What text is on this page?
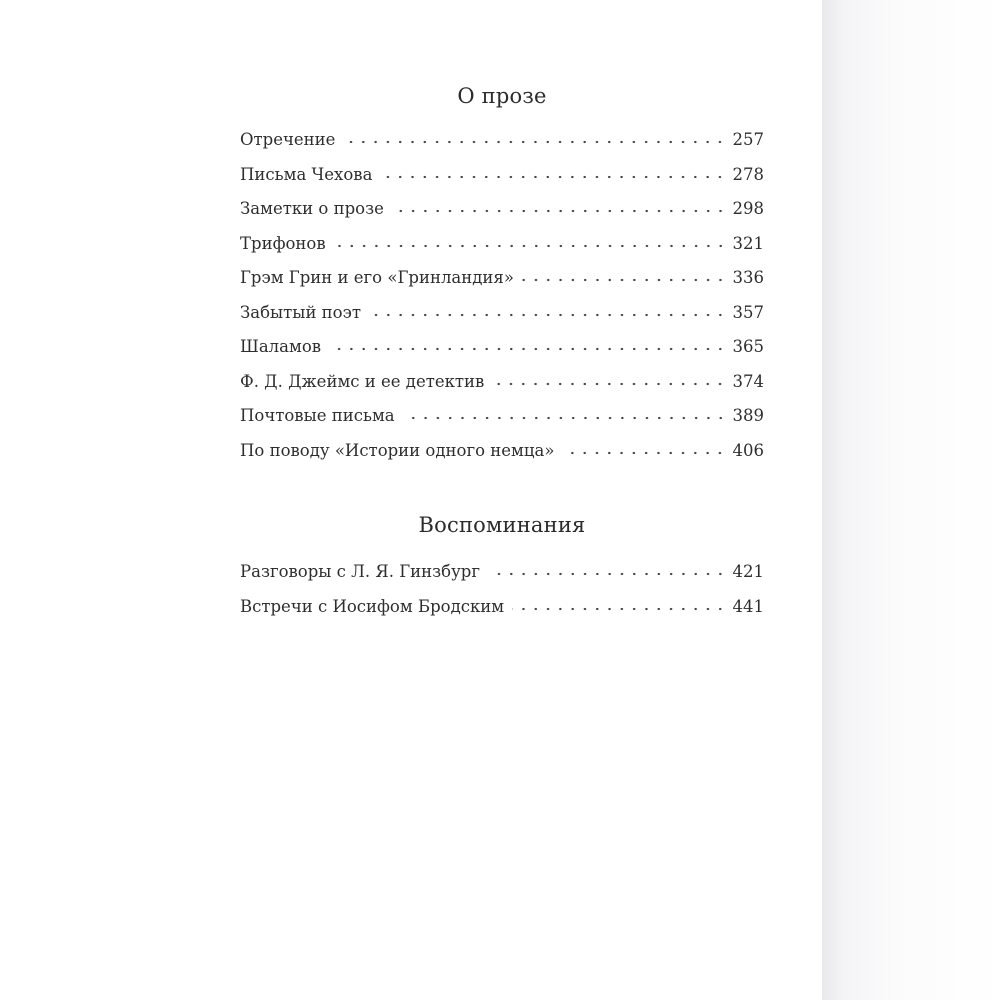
О прозе
Отречение	257
Письма Чехова	278
Заметки о прозе	298
Трифонов	321
Грэм Грин и его «Гринландия»	336
Забытый поэт	357
Шаламов	365
Ф. Д. Джеймс и ее детектив	374
Почтовые письма	389
По поводу «Истории одного немца»	406
Воспоминания
Разговоры с Л. Я. Гинзбург	421
Встречи с Иосифом Бродским	441
